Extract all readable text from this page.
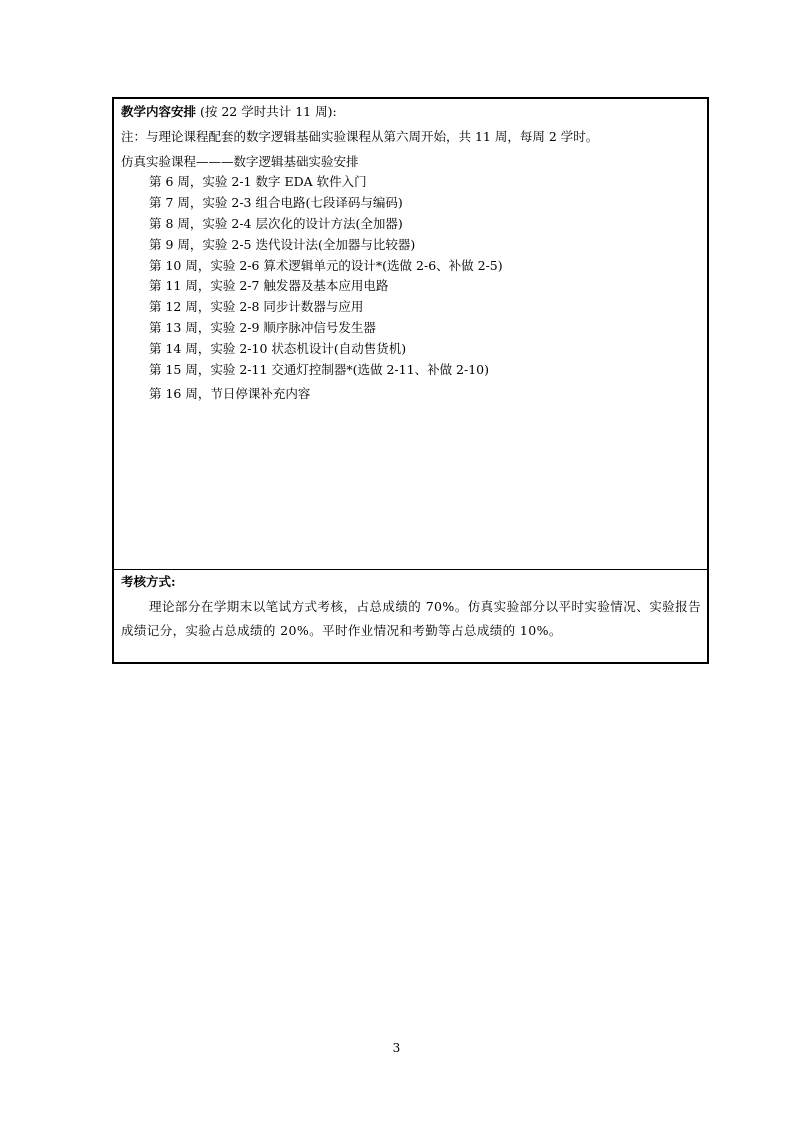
教学内容安排 (按 22 学时共计 11 周):
注：与理论课程配套的数字逻辑基础实验课程从第六周开始，共 11 周，每周 2 学时。
仿真实验课程———数字逻辑基础实验安排
第 6 周，实验 2-1 数字 EDA 软件入门
第 7 周，实验 2-3 组合电路(七段译码与编码)
第 8 周，实验 2-4 层次化的设计方法(全加器)
第 9 周，实验 2-5 迭代设计法(全加器与比较器)
第 10 周，实验 2-6 算术逻辑单元的设计*(选做 2-6、补做 2-5)
第 11 周，实验 2-7 触发器及基本应用电路
第 12 周，实验 2-8 同步计数器与应用
第 13 周，实验 2-9 顺序脉冲信号发生器
第 14 周，实验 2-10 状态机设计(自动售货机)
第 15 周，实验 2-11 交通灯控制器*(选做 2-11、补做 2-10)
第 16 周，节日停课补充内容
考核方式:
理论部分在学期末以笔试方式考核，占总成绩的 70%。仿真实验部分以平时实验情况、实验报告成绩记分，实验占总成绩的 20%。平时作业情况和考勤等占总成绩的 10%。
3
